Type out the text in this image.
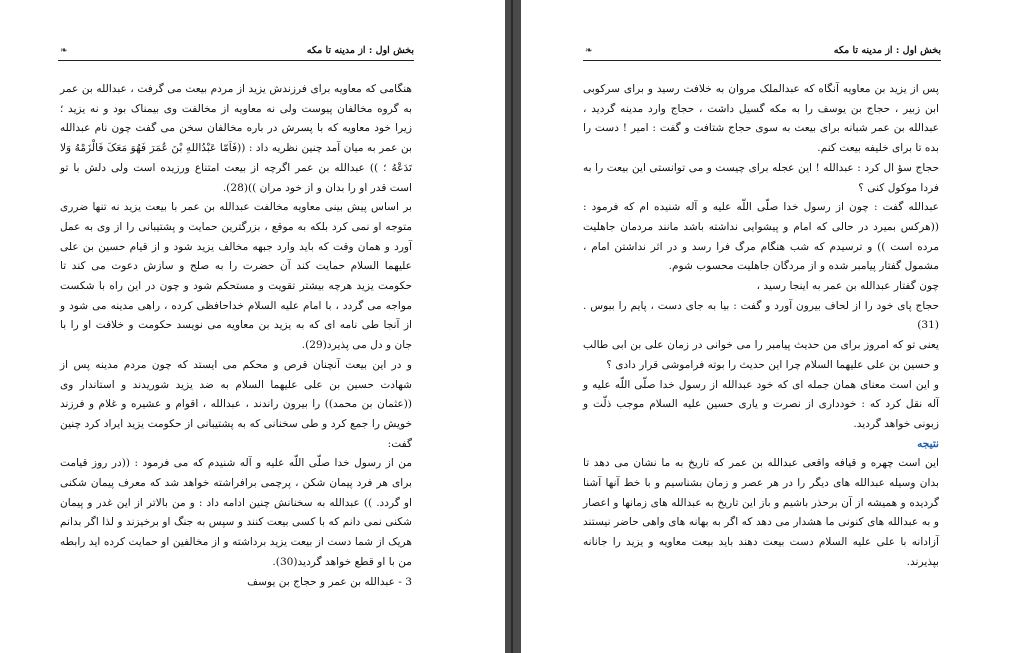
بخش اول : از مدینه تا مکه
❧

هنگامی که معاویه برای فرزندش یزید از مردم بیعت می گرفت ، عبدالله بن عمر به گروه مخالفان پیوست ولی نه معاویه از مخالفت وی بیمناک بود و نه یزید ؛ زیرا خود معاویه که با پسرش در باره مخالفان سخن می گفت چون نام عبدالله بن عمر به میان آمد چنین نظریه داد : ((فَاَمّا عَبْدُاللهِ بْنَ عُمَرَ فَهُوَ مَعَکَ فَالْزَمْهُ وَلا تَدَعْهُ ؛ )) عبدالله بن عمر اگرچه از بیعت امتناع ورزیده است ولی دلش با تو است قدر او را بدان و از خود مران ))(28).

بر اساس پیش بینی معاویه مخالفت عبدالله بن عمر با بیعت یزید نه تنها ضرری متوجه او نمی کرد بلکه به موقع ، بزرگترین حمایت و پشتیبانی را از وی به عمل آورد و همان وقت که باید وارد جبهه مخالف یزید شود و از قیام حسین بن علی علیهما السلام حمایت کند آن حضرت را به صلح و سازش دعوت می کند تا حکومت یزید هرچه بیشتر تقویت و مستحکم شود و چون در این راه با شکست مواجه می گردد ، با امام علیه السلام خداحافظی کرده ، راهی مدینه می شود و از آنجا طی نامه ای که به یزید بن معاویه می نویسد حکومت و خلافت او را با جان و دل می پذیرد(29).

و در این بیعت آنچنان قرص و محکم می ایستد که چون مردم مدینه پس از شهادت حسین بن علی علیهما السلام به ضد یزید شوریدند و استاندار وی ((عثمان بن محمد)) را بیرون راندند ، عبدالله ، اقوام و عشیره و غلام و فرزند خویش را جمع کرد و طی سخنانی که به پشتیبانی از حکومت یزید ایراد کرد چنین گفت:

من از رسول خدا صلّی اللّه علیه و آله شنیدم که می فرمود : ((در روز قیامت برای هر فرد پیمان شکن ، پرچمی برافراشته خواهد شد که معرف پیمان شکنی او گردد. )) عبدالله به سخنانش چنین ادامه داد : و من بالاتر از این غدر و پیمان شکنی نمی دانم که با کسی بیعت کنند و سپس به جنگ او برخیزند و لذا اگر بدانم هریک از شما دست از بیعت یزید برداشته و از مخالفین او حمایت کرده اید رابطه من با او قطع خواهد گردید(30).

3 - عبدالله بن عمر و حجاج بن یوسف

بخش اول : از مدینه تا مکه
❧

پس از یزید بن معاویه آنگاه که عبدالملک مروان به خلافت رسید و برای سرکوبی ابن زبیر ، حجاج بن یوسف را به مکه گسیل داشت ، حجاج وارد مدینه گردید ، عبدالله بن عمر شبانه برای بیعت به سوی حجاج شتافت و گفت : امیر ! دست را بده تا برای خلیفه بیعت کنم.

حجاج سؤ ال کرد : عبدالله ! این عجله برای چیست و می توانستی این بیعت را به فردا موکول کنی ؟

عبدالله گفت : چون از رسول خدا صلّی اللّه علیه و آله شنیده ام که فرمود : ((هرکس بمیرد در حالی که امام و پیشوایی نداشته باشد مانند مردمان جاهلیت مرده است )) و ترسیدم که شب هنگام مرگ فرا رسد و در اثر نداشتن امام ، مشمول گفتار پیامبر شده و از مردگان جاهلیت محسوب شوم.

چون گفتار عبدالله بن عمر به اینجا رسید ،

حجاج پای خود را از لحاف بیرون آورد و گفت : بیا به جای دست ، پایم را ببوس .(31)

یعنی تو که امروز برای من حدیث پیامبر را می خوانی در زمان علی بن ابی طالب و حسین بن علی علیهما السلام چرا این حدیث را بوته فراموشی قرار دادی ؟

و این است معنای همان جمله ای که خود عبدالله از رسول خدا صلّی اللّه علیه و آله نقل کرد که : خودداری از نصرت و یاری حسین علیه السلام موجب ذلّت و زبونی خواهد گردید.

نتیجه

این است چهره و قیافه واقعی عبدالله بن عمر که تاریخ به ما نشان می دهد تا بدان وسیله عبدالله های دیگر را در هر عصر و زمان بشناسیم و با خط آنها آشنا گردیده و همیشه از آن برحذر باشیم و باز این تاریخ به عبدالله های زمانها و اعصار و به عبدالله های کنونی ما هشدار می دهد که اگر به بهانه های واهی حاضر نیستند آزادانه با علی علیه السلام دست بیعت دهند باید بیعت معاویه و یزید را جانانه بپذیرند.
